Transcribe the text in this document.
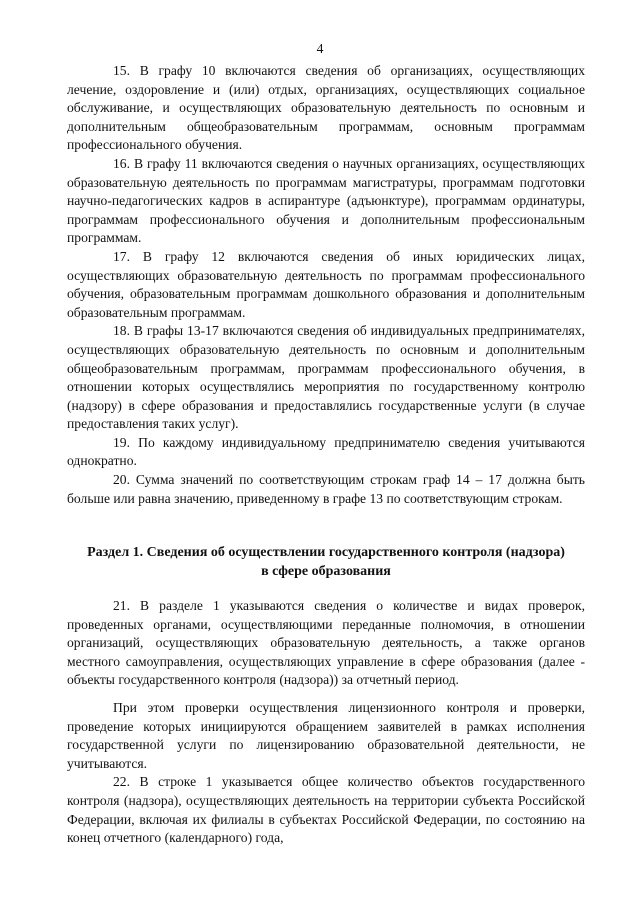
4

15. В графу 10 включаются сведения об организациях, осуществляющих лечение, оздоровление и (или) отдых, организациях, осуществляющих социальное обслуживание, и осуществляющих образовательную деятельность по основным и дополнительным общеобразовательным программам, основным программам профессионального обучения.

16. В графу 11 включаются сведения о научных организациях, осуществляющих образовательную деятельность по программам магистратуры, программам подготовки научно-педагогических кадров в аспирантуре (адъюнктуре), программам ординатуры, программам профессионального обучения и дополнительным профессиональным программам.

17. В графу 12 включаются сведения об иных юридических лицах, осуществляющих образовательную деятельность по программам профессионального обучения, образовательным программам дошкольного образования и дополнительным образовательным программам.

18. В графы 13-17 включаются сведения об индивидуальных предпринимателях, осуществляющих образовательную деятельность по основным и дополнительным общеобразовательным программам, программам профессионального обучения, в отношении которых осуществлялись мероприятия по государственному контролю (надзору) в сфере образования и предоставлялись государственные услуги (в случае предоставления таких услуг).

19. По каждому индивидуальному предпринимателю сведения учитываются однократно.

20. Сумма значений по соответствующим строкам граф 14 – 17 должна быть больше или равна значению, приведенному в графе 13 по соответствующим строкам.

Раздел 1. Сведения об осуществлении государственного контроля (надзора)
в сфере образования

21. В разделе 1 указываются сведения о количестве и видах проверок, проведенных органами, осуществляющими переданные полномочия, в отношении организаций, осуществляющих образовательную деятельность, а также органов местного самоуправления, осуществляющих управление в сфере образования (далее - объекты государственного контроля (надзора)) за отчетный период.

При этом проверки осуществления лицензионного контроля и проверки, проведение которых инициируются обращением заявителей в рамках исполнения государственной услуги по лицензированию образовательной деятельности, не учитываются.

22. В строке 1 указывается общее количество объектов государственного контроля (надзора), осуществляющих деятельность на территории субъекта Российской Федерации, включая их филиалы в субъектах Российской Федерации, по состоянию на конец отчетного (календарного) года,
